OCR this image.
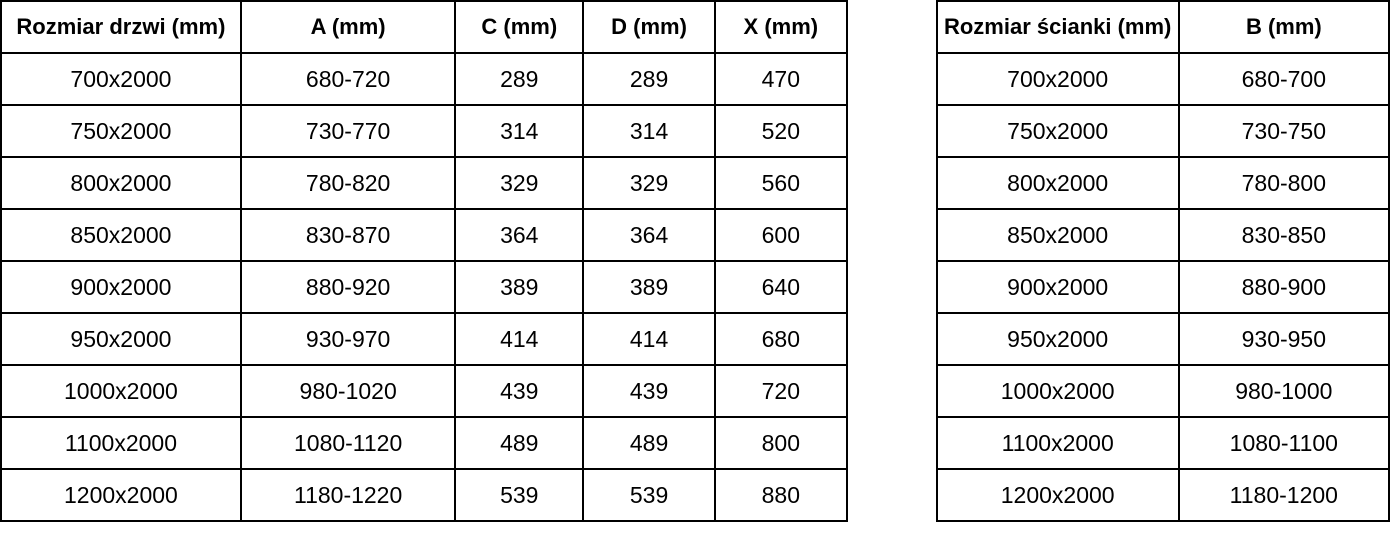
Rozmiar drzwi (mm)	A (mm)	C (mm)	D (mm)	X (mm)
700x2000	680-720	289	289	470
750x2000	730-770	314	314	520
800x2000	780-820	329	329	560
850x2000	830-870	364	364	600
900x2000	880-920	389	389	640
950x2000	930-970	414	414	680
1000x2000	980-1020	439	439	720
1100x2000	1080-1120	489	489	800
1200x2000	1180-1220	539	539	880
Rozmiar ścianki (mm)	B (mm)
700x2000	680-700
750x2000	730-750
800x2000	780-800
850x2000	830-850
900x2000	880-900
950x2000	930-950
1000x2000	980-1000
1100x2000	1080-1100
1200x2000	1180-1200
